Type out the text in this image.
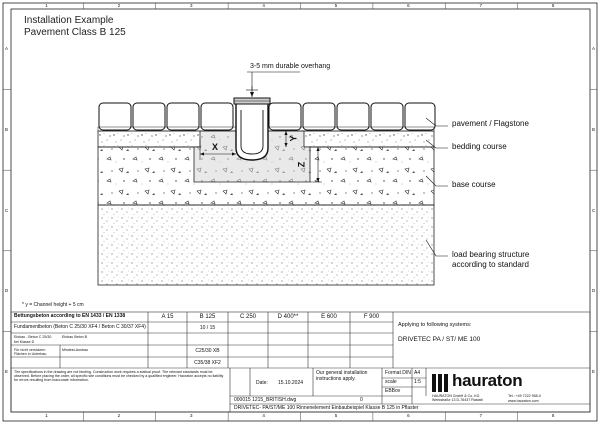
1
1
2
2
3
3
4
4
5
5
6
6
7
7
8
8
A	A
B	B
C	C
D	D
E	E
Installation Example
Pavement Class B 125
3-5 mm durable overhang
X
Y
Z
pavement / Flagstone
bedding course
base course
load bearing structure
according to standard
* y = Channel height + 5 cm
Bettungsbeton according to EN 1433 / EN 1338	A 15	B 125	C 250	D 400**	E 600	F 900
Fundamentbeton (Beton C 25/30 XF4 / Beton C 30/37 XF4)	10 / 15
Einbau - Beton C 25/30
bei Klasse D
Einbau Beton B
Für nicht versickern Flächen in Unterbau
Mindest-Ausbau	C25/30 XB
C35/38 XF2
Applying to following systems:
DRIVETEC PA / ST/ ME 100
The specifications in the drawing are not binding. Construction work requires a statical proof. The relevant standards must be observed. Before placing the order, all specific site conditions must be checked by a qualified engineer. Hauraton accepts no liability for errors resulting from inaccurate information.	Date: 15.10.2024
Our general installation instructions apply.
000015 1215_BRITISH.dwg	0
Format DIN A4
scale	1:5
EBBov
hauraton
HAURATON GmbH & Co. KG Werkstraße 13 D-76437 Rastatt
Tel.: +49 7222 958-0
www.hauraton.com
DRIVETEC- PA/ST/ME 100 Rinnenelement Einbaubeispiel Klasse B 125 in Pflaster
